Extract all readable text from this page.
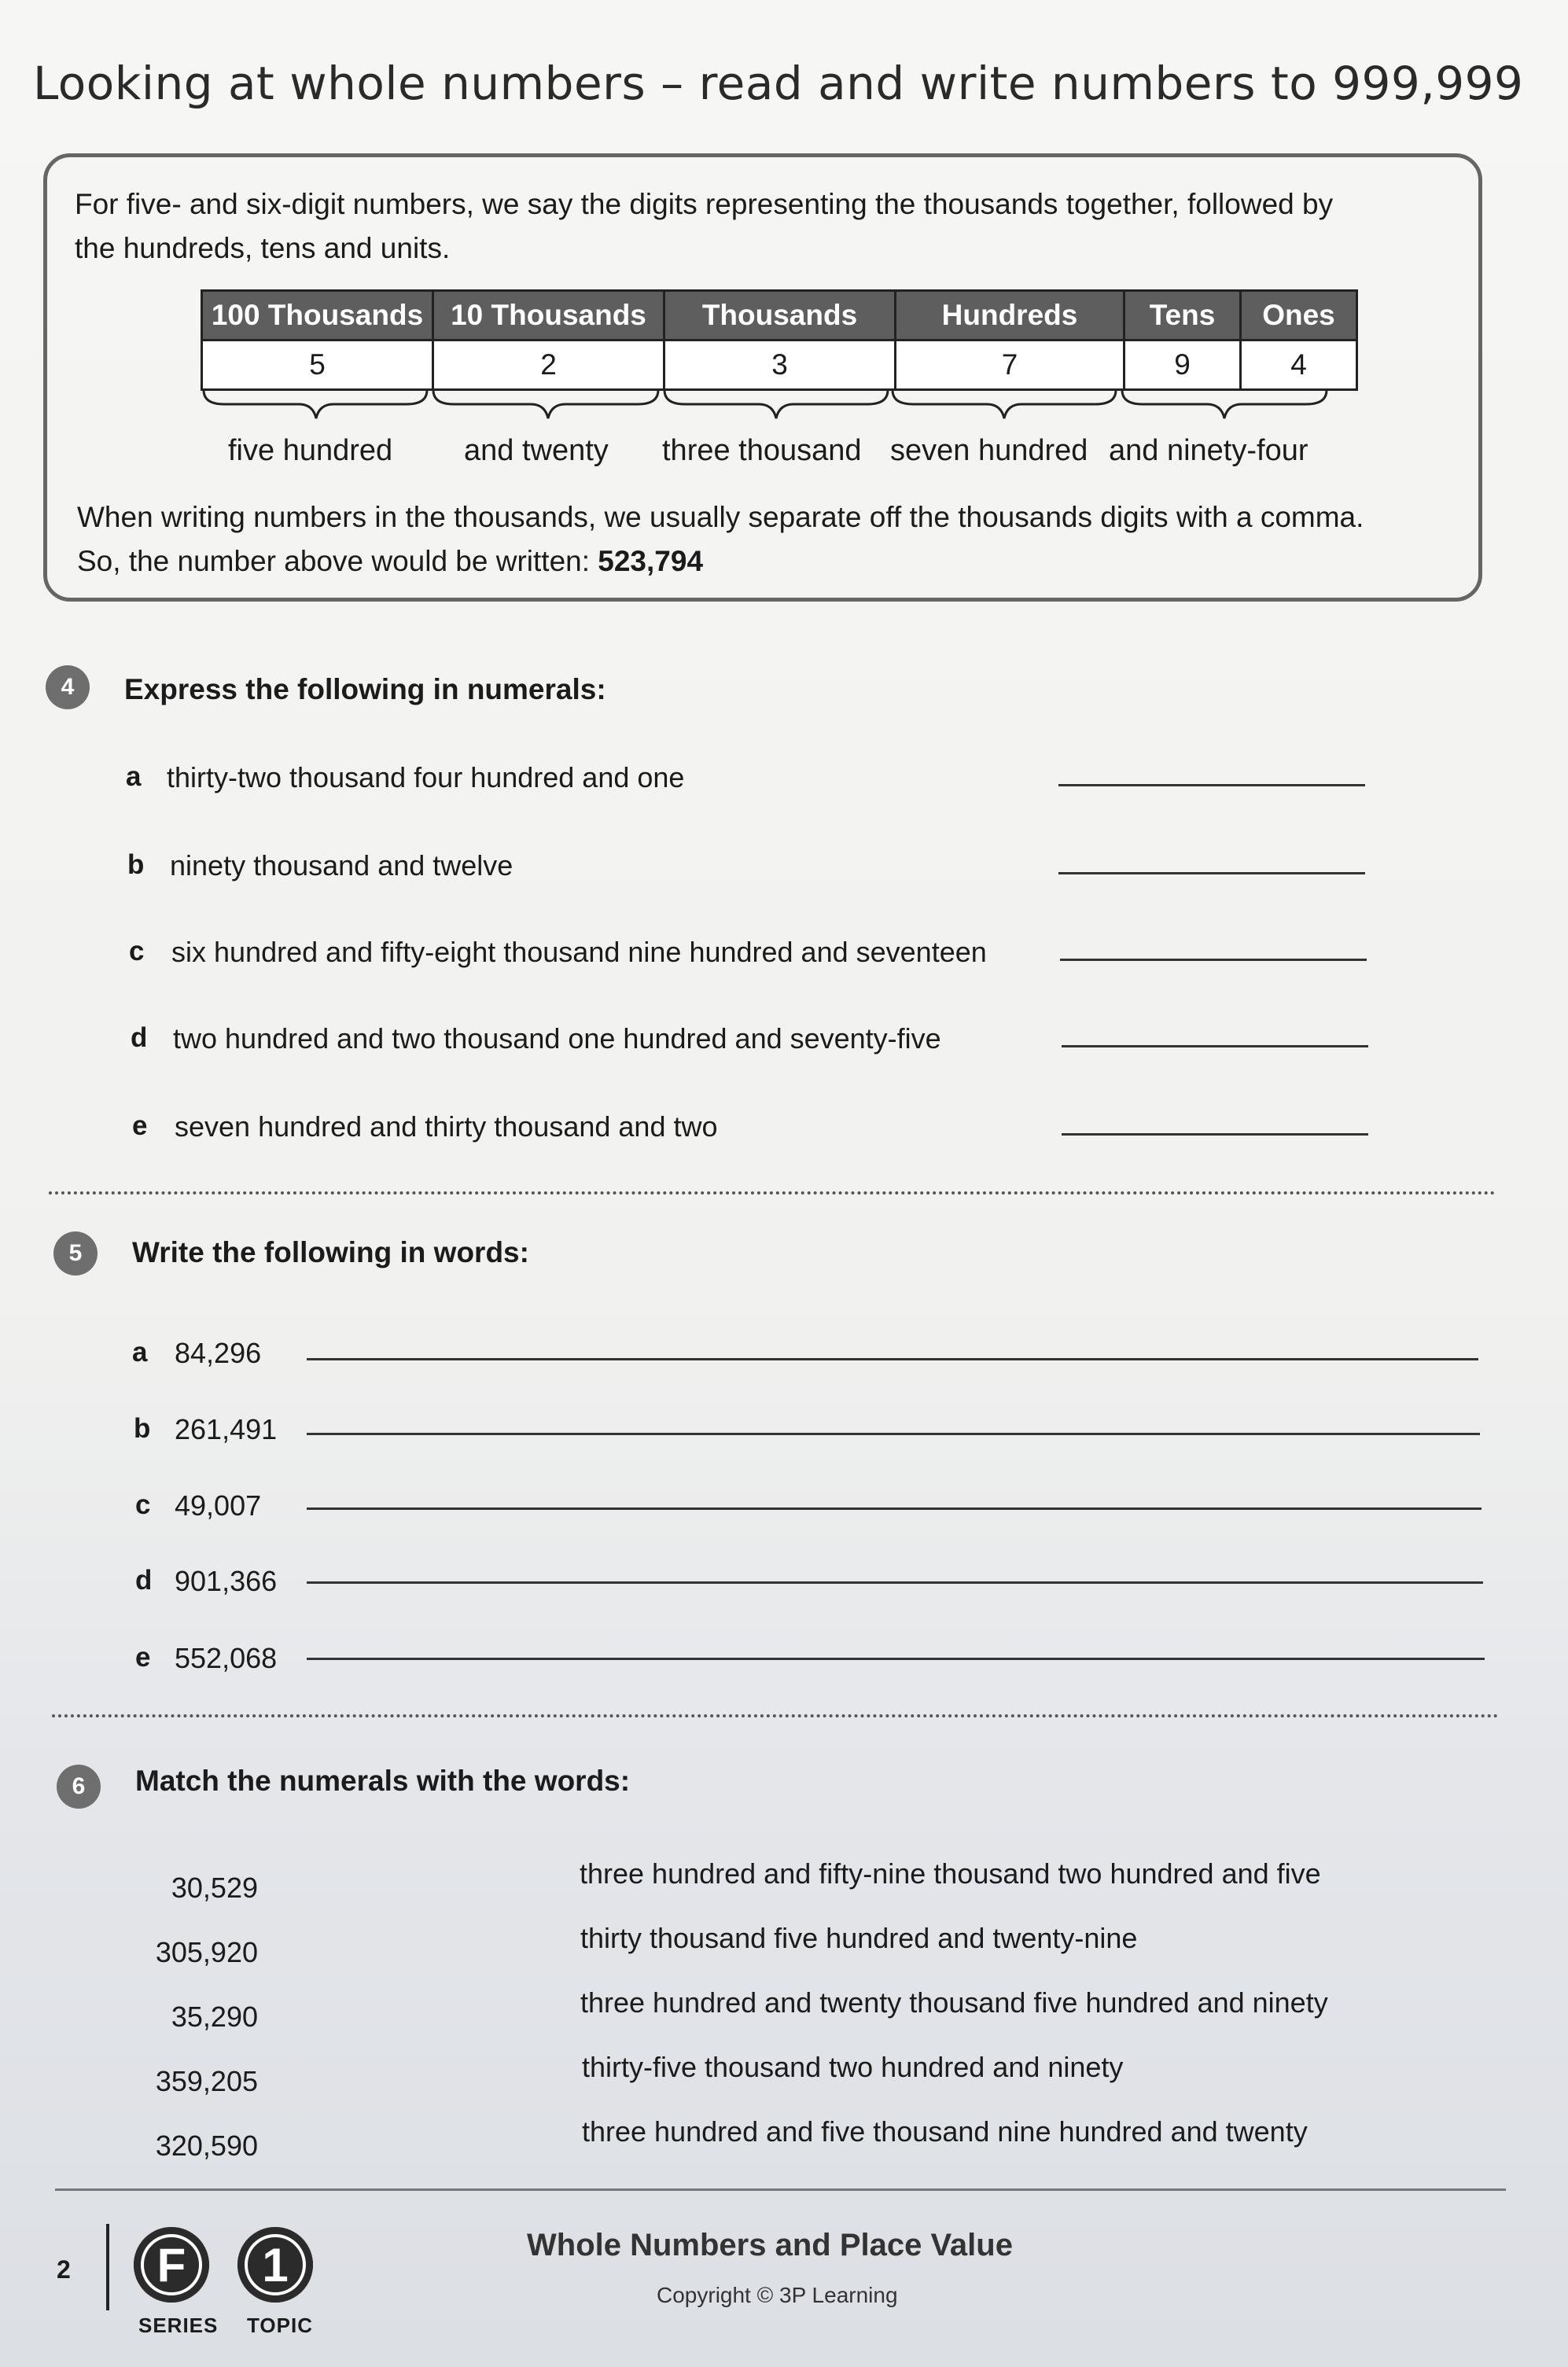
Looking at whole numbers – read and write numbers to 999,999
For five- and six-digit numbers, we say the digits representing the thousands together, followed by
the hundreds, tens and units.
100 Thousands	10 Thousands	Thousands	Hundreds	Tens	Ones
5	2	3	7	9	4
five hundred and twenty three thousand seven hundred and ninety-four
When writing numbers in the thousands, we usually separate off the thousands digits with a comma.
So, the number above would be written: 523,794
4	Express the following in numerals:
a thirty-two thousand four hundred and one
b ninety thousand and twelve
c six hundred and fifty-eight thousand nine hundred and seventeen
d two hundred and two thousand one hundred and seventy-five
e seven hundred and thirty thousand and two
5	Write the following in words:
a 84,296
b 261,491
c 49,007
d 901,366
e 552,068
6	Match the numerals with the words:
30,529
305,920
35,290
359,205
320,590
three hundred and fifty-nine thousand two hundred and five
thirty thousand five hundred and twenty-nine
three hundred and twenty thousand five hundred and ninety
thirty-five thousand two hundred and ninety
three hundred and five thousand nine hundred and twenty
2	F	1
SERIES TOPIC
Whole Numbers and Place Value
Copyright © 3P Learning
